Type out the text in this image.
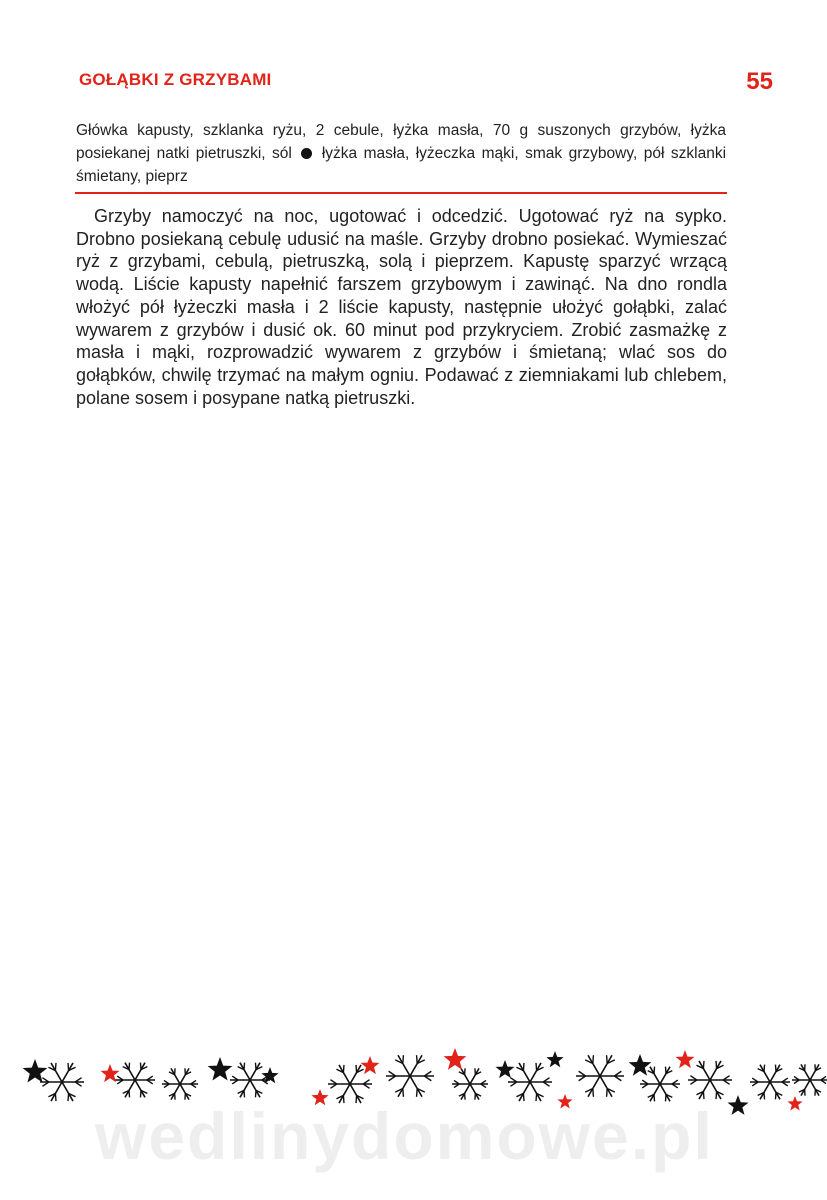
GOŁĄBKI Z GRZYBAMI	55
Główka kapusty, szklanka ryżu, 2 cebule, łyżka masła, 70 g suszonych grzybów, łyżka posiekanej natki pietruszki, sól łyżka masła, łyżeczka mąki, smak grzybowy, pół szklanki śmietany, pieprz
Grzyby namoczyć na noc, ugotować i odcedzić. Ugotować ryż na sypko. Drobno posiekaną cebulę udusić na maśle. Grzyby drobno posiekać. Wymieszać ryż z grzybami, cebulą, pietruszką, solą i pieprzem. Kapustę sparzyć wrzącą wodą. Liście kapusty napełnić farszem grzybowym i zawinąć. Na dno rondla włożyć pół łyżeczki masła i 2 liście kapusty, następnie ułożyć gołąbki, zalać wywarem z grzybów i dusić ok. 60 minut pod przykryciem. Zrobić zasmażkę z masła i mąki, rozprowadzić wywarem z grzybów i śmietaną; wlać sos do gołąbków, chwilę trzymać na małym ogniu. Podawać z ziemniakami lub chlebem, polane sosem i posypane natką pietruszki.
wedlinydomowe.pl
